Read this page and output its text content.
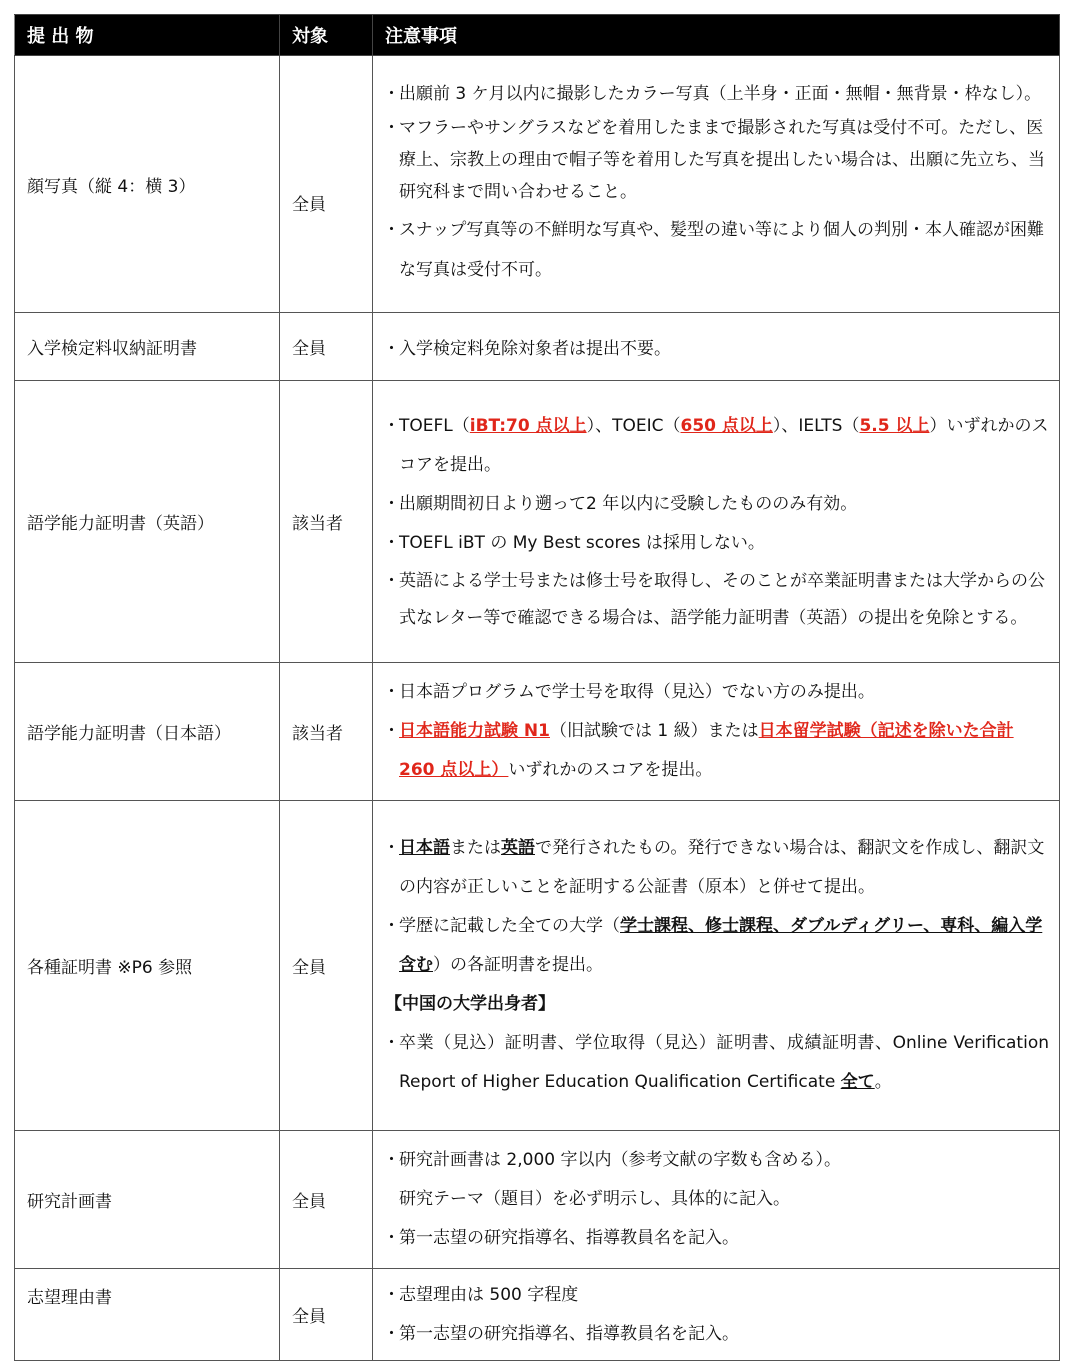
提 出 物	対象	注意事項
顔写真（縦 4：横 3）	全員	・ 出願前 3 ケ月以内に撮影したカラー写真（上半身・正面・無帽・無背景・枠なし）。

・ マフラーやサングラスなどを着用したままで撮影された写真は受付不可。ただし、医療上、宗教上の理由で帽子等を着用した写真を提出したい場合は、出願に先立ち、当研究科まで問い合わせること。

・ スナップ写真等の不鮮明な写真や、髪型の違い等により個人の判別・本人確認が困難な写真は受付不可。

入学検定料収納証明書	全員	・ 入学検定料免除対象者は提出不要。

語学能力証明書（英語）	該当者	・ TOEFL（iBT:70 点以上）、TOEIC（650 点以上）、IELTS（5.5 以上）いずれかのスコアを提出。

・ 出願期間初日より遡って2 年以内に受験したもののみ有効。

・ TOEFL iBT の My Best scores は採用しない。

・ 英語による学士号または修士号を取得し、そのことが卒業証明書または大学からの公式なレター等で確認できる場合は、語学能力証明書（英語）の提出を免除とする。

語学能力証明書（日本語）	該当者	・ 日本語プログラムで学士号を取得（見込）でない方のみ提出。

・ 日本語能力試験 N1（旧試験では 1 級）または日本留学試験（記述を除いた合計 260 点以上）いずれかのスコアを提出。

各種証明書 ※P6 参照	全員	・ 日本語または英語で発行されたもの。発行できない場合は、翻訳文を作成し、翻訳文の内容が正しいことを証明する公証書（原本）と併せて提出。

・ 学歴に記載した全ての大学（学士課程、修士課程、ダブルディグリー、専科、編入学含む）の各証明書を提出。

【中国の大学出身者】

・ 卒業（見込）証明書、学位取得（見込）証明書、成績証明書、Online Verification Report of Higher Education Qualification Certificate 全て。

研究計画書	全員	・ 研究計画書は 2,000 字以内（参考文献の字数も含める）。

研究テーマ（題目）を必ず明示し、具体的に記入。

・ 第一志望の研究指導名、指導教員名を記入。

志望理由書	全員	・ 志望理由は 500 字程度

・ 第一志望の研究指導名、指導教員名を記入。
